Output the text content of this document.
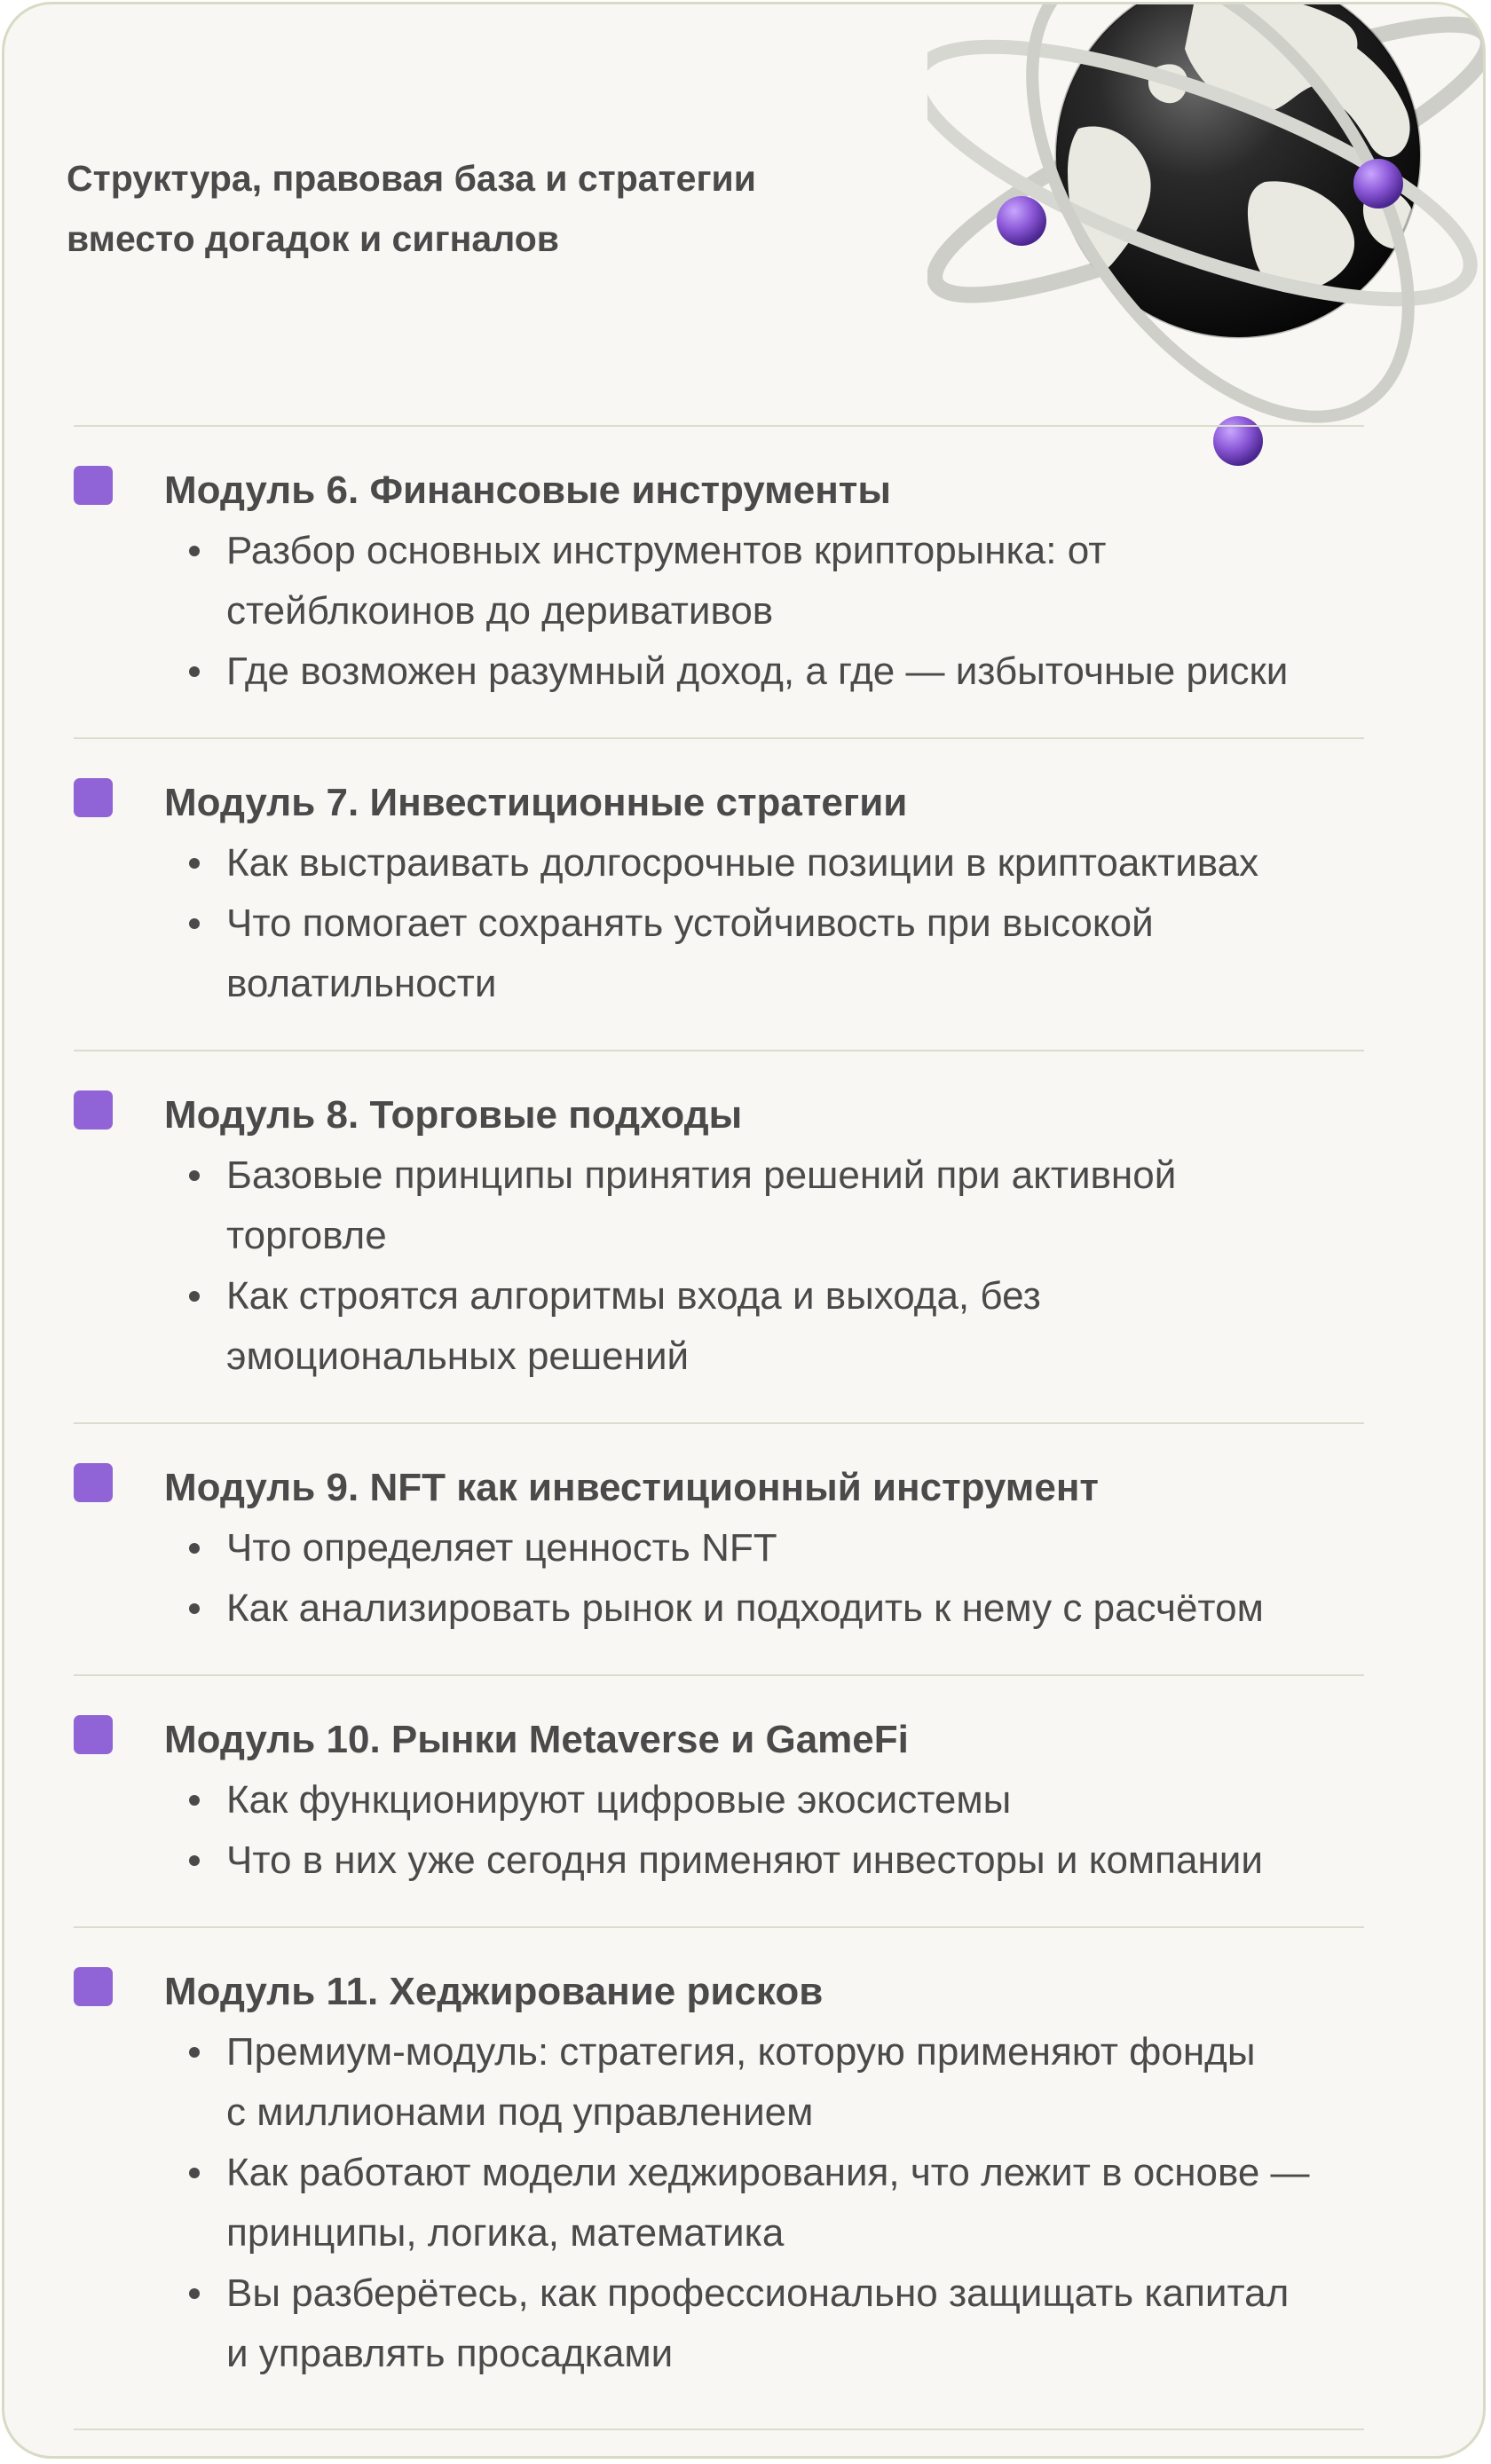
Структура, правовая база и стратегии
вместо догадок и сигналов

Модуль 6. Финансовые инструменты
Разбор основных инструментов крипторынка: от
стейблкоинов до деривативов
Где возможен разумный доход, а где — избыточные риски
Модуль 7. Инвестиционные стратегии
Как выстраивать долгосрочные позиции в криптоактивах
Что помогает сохранять устойчивость при высокой
волатильности
Модуль 8. Торговые подходы
Базовые принципы принятия решений при активной
торговле
Как строятся алгоритмы входа и выхода, без
эмоциональных решений
Модуль 9. NFT как инвестиционный инструмент
Что определяет ценность NFT
Как анализировать рынок и подходить к нему с расчётом
Модуль 10. Рынки Metaverse и GameFi
Как функционируют цифровые экосистемы
Что в них уже сегодня применяют инвесторы и компании
Модуль 11. Хеджирование рисков
Премиум-модуль: стратегия, которую применяют фонды
с миллионами под управлением
Как работают модели хеджирования, что лежит в основе —
принципы, логика, математика
Вы разберётесь, как профессионально защищать капитал
и управлять просадками
